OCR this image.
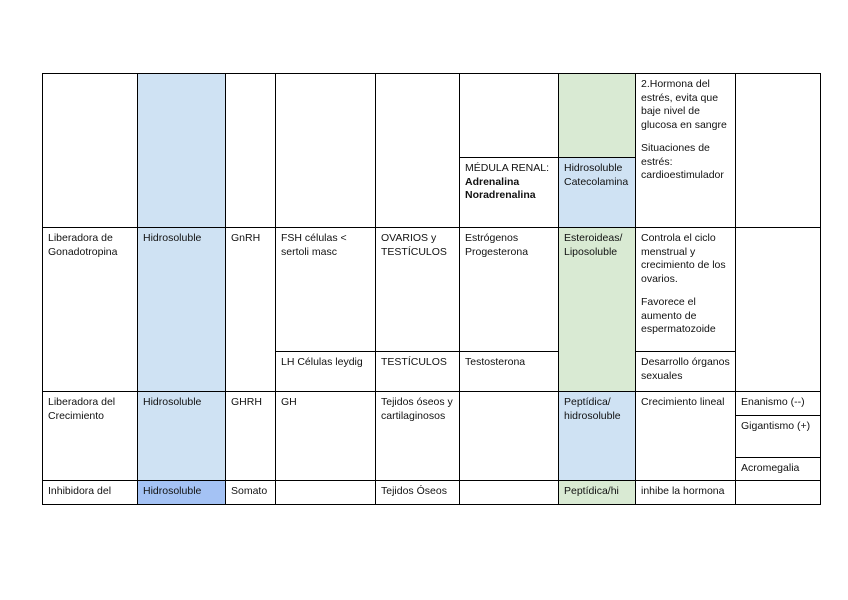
							2.Hormona del estrés, evita que baje nivel de glucosa en sangre
Situaciones de estrés: cardioestimulador	

					MÉDULA RENAL:
Adrenalina
Noradrenalina	Hidrosoluble Catecolamina		
Liberadora de Gonadotropina	Hidrosoluble	GnRH	FSH células < sertoli masc	OVARIOS y TESTÍCULOS	Estrógenos Progesterona	Esteroideas/ Liposoluble	Controla el ciclo menstrual y crecimiento de los ovarios.
Favorece el aumento de espermatozoide	

			LH Células leydig	TESTÍCULOS	Testosterona		Desarrollo órganos sexuales	
Liberadora del Crecimiento	Hidrosoluble	GHRH	GH	Tejidos óseos y cartilaginosos		Peptídica/ hidrosoluble	Crecimiento lineal	Enanismo (--)
								Gigantismo (+)
								Acromegalia
Inhibidora del	Hidrosoluble	Somato		Tejidos Óseos		Peptídica/hi	inhibe la hormona	
